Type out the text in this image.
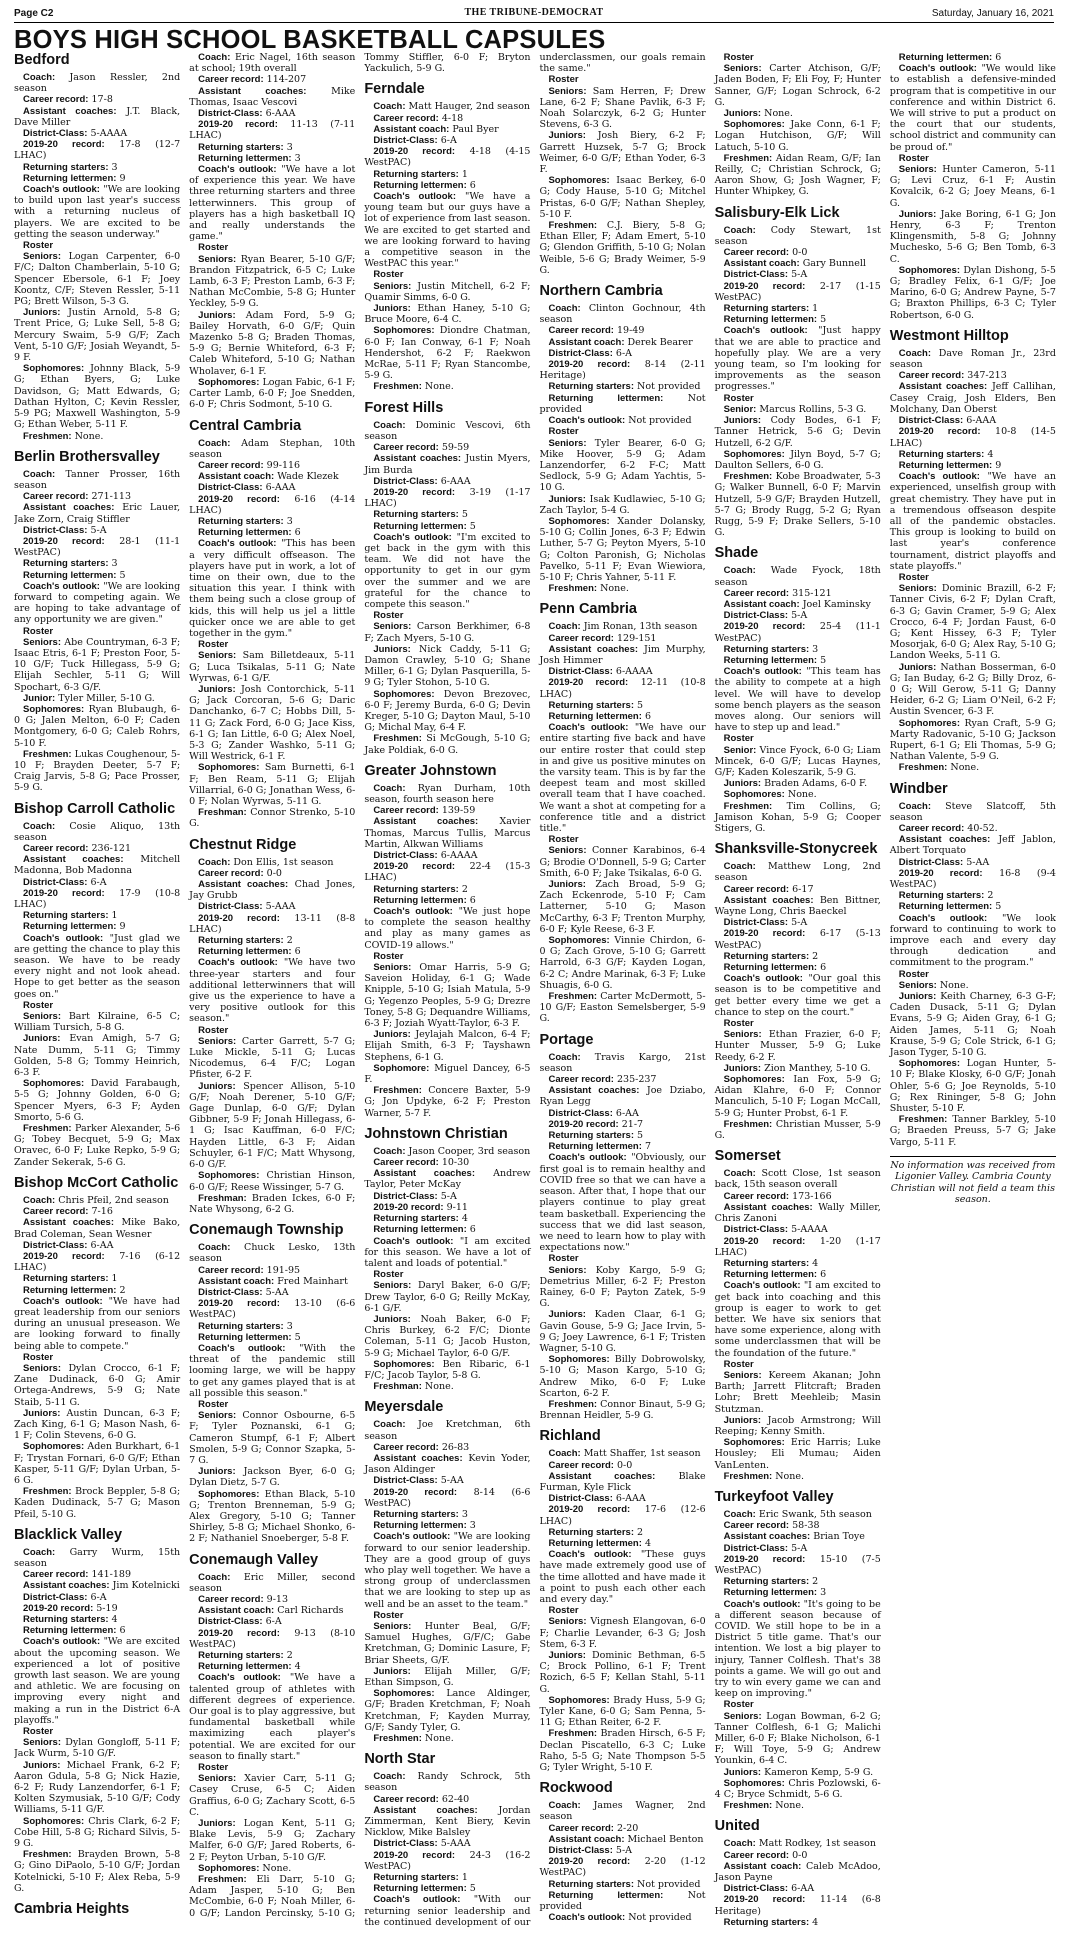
Page C2	THE TRIBUNE-DEMOCRAT	Saturday, January 16, 2021
BOYS HIGH SCHOOL BASKETBALL CAPSULES
Bedford

Coach: Jason Ressler, 2nd season

Career record: 17-8

Assistant coaches: J.T. Black, Dave Miller

District-Class: 5-AAAA

2019-20 record: 17-8 (12-7 LHAC)

Returning starters: 3

Returning lettermen: 9

Coach's outlook: "We are looking to build upon last year's success with a returning nucleus of players. We are excited to be getting the season underway."

Roster

Seniors: Logan Carpenter, 6-0 F/C; Dalton Chamberlain, 5-10 G; Spencer Ebersole, 6-1 F; Joey Koontz, C/F; Steven Ressler, 5-11 PG; Brett Wilson, 5-3 G.

Juniors: Justin Arnold, 5-8 G; Trent Price, G; Luke Sell, 5-8 G; Mercury Swaim, 5-9 G/F; Zach Vent, 5-10 G/F; Josiah Weyandt, 5-9 F.

Sophomores: Johnny Black, 5-9 G; Ethan Byers, G; Luke Davidson, G; Matt Edwards, G; Dathan Hylton, C; Kevin Ressler, 5-9 PG; Maxwell Washington, 5-9 G; Ethan Weber, 5-11 F.

Freshmen: None.

Berlin Brothersvalley

Coach: Tanner Prosser, 16th season

Career record: 271-113

Assistant coaches: Eric Lauer, Jake Zorn, Craig Stiffler

District-Class: 5-A

2019-20 record: 28-1 (11-1 WestPAC)

Returning starters: 3

Returning lettermen: 5

Coach's outlook: "We are looking forward to competing again. We are hoping to take advantage of any opportunity we are given."

Roster

Seniors: Abe Countryman, 6-3 F; Isaac Etris, 6-1 F; Preston Foor, 5-10 G/F; Tuck Hillegass, 5-9 G; Elijah Sechler, 5-11 G; Will Spochart, 6-3 G/F.

Junior: Tyler Miller, 5-10 G.

Sophomores: Ryan Blubaugh, 6-0 G; Jalen Melton, 6-0 F; Caden Montgomery, 6-0 G; Caleb Rohrs, 5-10 F.

Freshmen: Lukas Coughenour, 5-10 F; Brayden Deeter, 5-7 F; Craig Jarvis, 5-8 G; Pace Prosser, 5-9 G.

Bishop Carroll Catholic

Coach: Cosie Aliquo, 13th season

Career record: 236-121

Assistant coaches: Mitchell Madonna, Bob Madonna

District-Class: 6-A

2019-20 record: 17-9 (10-8 LHAC)

Returning starters: 1

Returning lettermen: 9

Coach's outlook: "Just glad we are getting the chance to play this season. We have to be ready every night and not look ahead. Hope to get better as the season goes on."

Roster

Seniors: Bart Kilraine, 6-5 C; William Tursich, 5-8 G.

Juniors: Evan Amigh, 5-7 G; Nate Dumm, 5-11 G; Timmy Golden, 5-8 G; Tommy Heinrich, 6-3 F.

Sophomores: David Farabaugh, 5-5 G; Johnny Golden, 6-0 G; Spencer Myers, 6-3 F; Ayden Smorto, 5-6 G.

Freshmen: Parker Alexander, 5-6 G; Tobey Becquet, 5-9 G; Max Oravec, 6-0 F; Luke Repko, 5-9 G; Zander Sekerak, 5-6 G.

Bishop McCort Catholic

Coach: Chris Pfeil, 2nd season

Career record: 7-16

Assistant coaches: Mike Bako, Brad Coleman, Sean Wesner

District-Class: 6-AA

2019-20 record: 7-16 (6-12 LHAC)

Returning starters: 1

Returning lettermen: 2

Coach's outlook: "We have had great leadership from our seniors during an unusual preseason. We are looking forward to finally being able to compete."

Roster

Seniors: Dylan Crocco, 6-1 F; Zane Dudinack, 6-0 G; Amir Ortega-Andrews, 5-9 G; Nate Staib, 5-11 G.

Juniors: Austin Duncan, 6-3 F; Zach King, 6-1 G; Mason Nash, 6-1 F; Colin Stevens, 6-0 G.

Sophomores: Aden Burkhart, 6-1 F; Trystan Fornari, 6-0 G/F; Ethan Kasper, 5-11 G/F; Dylan Urban, 5-6 G.

Freshmen: Brock Beppler, 5-8 G; Kaden Dudinack, 5-7 G; Mason Pfeil, 5-10 G.

Blacklick Valley

Coach: Garry Wurm, 15th season

Career record: 141-189

Assistant coaches: Jim Kotelnicki

District-Class: 6-A

2019-20 record: 5-19

Returning starters: 4

Returning lettermen: 6

Coach's outlook: "We are excited about the upcoming season. We experienced a lot of positive growth last season. We are young and athletic. We are focusing on improving every night and making a run in the District 6-A playoffs."

Roster

Seniors: Dylan Gongloff, 5-11 F; Jack Wurm, 5-10 G/F.

Juniors: Michael Frank, 6-2 F; Aaron Gdula, 5-8 G; Nick Hazie, 6-2 F; Rudy Lanzendorfer, 6-1 F; Kolten Szymusiak, 5-10 G/F; Cody Williams, 5-11 G/F.

Sophomores: Chris Clark, 6-2 F; Cobe Hill, 5-8 G; Richard Silvis, 5-9 G.

Freshmen: Brayden Brown, 5-8 G; Gino DiPaolo, 5-10 G/F; Jordan Kotelnicki, 5-10 F; Alex Reba, 5-9 G.

Cambria Heights

Coach: Eric Nagel, 16th season at school; 19th overall

Career record: 114-207

Assistant coaches:	Mike Thomas, Isaac Vescovi

District-Class: 6-AAA

2019-20 record: 11-13 (7-11 LHAC)

Returning starters: 3

Returning lettermen: 3

Coach's outlook: "We have a lot of experience this year. We have three returning starters and three letterwinners. This group of players has a high basketball IQ and really understands the game."

Roster

Seniors: Ryan Bearer, 5-10 G/F; Brandon Fitzpatrick, 6-5 C; Luke Lamb, 6-3 F; Preston Lamb, 6-3 F; Nathan McCombie, 5-8 G; Hunter Yeckley, 5-9 G.

Juniors: Adam Ford, 5-9 G; Bailey Horvath, 6-0 G/F; Quin Mazenko 5-8 G; Braden Thomas, 5-9 G; Bernie Whiteford, 6-3 F; Caleb Whiteford, 5-10 G; Nathan Wholaver, 6-1 F.

Sophomores: Logan Fabic, 6-1 F; Carter Lamb, 6-0 F; Joe Snedden, 6-0 F; Chris Sodmont, 5-10 G.

Central Cambria

Coach: Adam Stephan, 10th season

Career record: 99-116

Assistant coach: Wade Klezek

District-Class: 6-AAA

2019-20 record: 6-16 (4-14 LHAC)

Returning starters: 3

Returning lettermen: 6

Coach's outlook: "This has been a very difficult offseason. The players have put in work, a lot of time on their own, due to the situation this year. I think with them being such a close group of kids, this will help us jel a little quicker once we are able to get together in the gym."

Roster

Seniors: Sam Billetdeaux, 5-11 G; Luca Tsikalas, 5-11 G; Nate Wyrwas, 6-1 G/F.

Juniors: Josh Contorchick, 5-11 G; Jack Corcoran, 5-6 G; Daric Danchanko, 6-7 C; Hobbs Dill, 5-11 G; Zack Ford, 6-0 G; Jace Kiss, 6-1 G; Ian Little, 6-0 G; Alex Noel, 5-3 G; Zander Washko, 5-11 G; Will Westrick, 6-1 F.

Sophomores: Sam Burnetti, 6-1 F; Ben Ream, 5-11 G; Elijah Villarrial, 6-0 G; Jonathan Wess, 6-0 F; Nolan Wyrwas, 5-11 G.

Freshman: Connor Strenko, 5-10 G.

Chestnut Ridge

Coach: Don Ellis, 1st season

Career record: 0-0

Assistant coaches: Chad Jones, Jay Grubb

District-Class: 5-AAA

2019-20 record: 13-11 (8-8 LHAC)

Returning starters: 2

Returning lettermen: 6

Coach's outlook: "We have two three-year starters and four additional letterwinners that will give us the experience to have a very positive outlook for this season."

Roster

Seniors: Carter Garrett, 5-7 G; Luke Mickle, 5-11 G; Lucas Nicodemus, 6-4 F/C; Logan Pfister, 6-2 F.

Juniors: Spencer Allison, 5-10 G/F; Noah Derener, 5-10 G/F; Gage Dunlap, 6-0 G/F; Dylan Gibbner, 5-9 F; Jonah Hillegass, 6-1 G; Isac Kauffman, 6-0 F/C; Hayden Little, 6-3 F; Aidan Schuyler, 6-1 F/C; Matt Whysong, 6-0 G/F.

Sophomores: Christian Hinson, 6-0 G/F; Reese Wissinger, 5-7 G.

Freshman: Braden Ickes, 6-0 F; Nate Whysong, 6-2 G.

Conemaugh Township

Coach: Chuck Lesko, 13th season

Career record: 191-95

Assistant coach: Fred Mainhart

District-Class: 5-AA

2019-20 record: 13-10 (6-6 WestPAC)

Returning starters: 3

Returning lettermen: 5

Coach's outlook: "With the threat of the pandemic still looming large, we will be happy to get any games played that is at all possible this season."

Roster

Seniors: Connor Osbourne, 6-5 F; Tyler Poznanski, 6-1 G; Cameron Stumpf, 6-1 F; Albert Smolen, 5-9 G; Connor Szapka, 5-7 G.

Juniors: Jackson Byer, 6-0 G; Dylan Dietz, 5-7 G.

Sophomores: Ethan Black, 5-10 G; Trenton Brenneman, 5-9 G; Alex Gregory, 5-10 G; Tanner Shirley, 5-8 G; Michael Shonko, 6-2 F; Nathaniel Snoeberger, 5-8 F.

Conemaugh Valley

Coach: Eric Miller, second season

Career record: 9-13

Assistant coach: Carl Richards

District-Class: 6-A

2019-20 record: 9-13 (8-10 WestPAC)

Returning starters: 2

Returning lettermen: 4

Coach's outlook: "We have a talented group of athletes with different degrees of experience. Our goal is to play aggressive, but fundamental basketball while maximizing each player's potential. We are excited for our season to finally start."

Roster

Seniors: Xavier Carr, 5-11 G; Casey Cruse, 6-5 C; Aiden Graffius, 6-0 G; Zachary Scott, 6-5 C.

Juniors: Logan Kent, 5-11 G; Blake Levis, 5-9 G; Zachary Malfer, 6-0 G/F; Jared Roberts, 6-2 F; Peyton Urban, 5-10 G/F.

Sophomores: None.

Freshmen: Eli Darr, 5-10 G; Adam Jasper, 5-10 G; Ben McCombie, 6-0 F; Noah Miller, 6-0 G/F; Landon Percinsky, 5-10 G; Tommy Stiffler, 6-0 F; Bryton Yackulich, 5-9 G.

Ferndale

Coach: Matt Hauger, 2nd season

Career record: 4-18

Assistant coach: Paul Byer

District-Class: 6-A

2019-20 record: 4-18 (4-15 WestPAC)

Returning starters: 1

Returning lettermen: 6

Coach's outlook: "We have a young team but our guys have a lot of experience from last season. We are excited to get started and we are looking forward to having a competitive season in the WestPAC this year."

Roster

Seniors: Justin Mitchell, 6-2 F; Quamir Simms, 6-0 G.

Juniors: Ethan Haney, 5-10 G; Bruce Moore, 6-4 C.

Sophomores: Diondre Chatman, 6-0 F; Ian Conway, 6-1 F; Noah Hendershot, 6-2 F; Raekwon McRae, 5-11 F; Ryan Stancombe, 5-9 G.

Freshmen: None.

Forest Hills

Coach: Dominic Vescovi, 6th season

Career record: 59-59

Assistant coaches: Justin Myers, Jim Burda

District-Class: 6-AAA

2019-20 record: 3-19 (1-17 LHAC)

Returning starters: 5

Returning lettermen: 5

Coach's outlook: "I'm excited to get back in the gym with this team. We did not have the opportunity to get in our gym over the summer and we are grateful for the chance to compete this season."

Roster

Seniors: Carson Berkhimer, 6-8 F; Zach Myers, 5-10 G.

Juniors: Nick Caddy, 5-11 G; Damon Crawley, 5-10 G; Shane Miller, 6-1 G; Dylan Pasquerilla, 5-9 G; Tyler Stohon, 5-10 G.

Sophomores: Devon Brezovec, 6-0 F; Jeremy Burda, 6-0 G; Devin Kreger, 5-10 G; Dayton Maul, 5-10 G; Michal May, 6-4 F.

Freshmen: Si McGough, 5-10 G; Jake Poldiak, 6-0 G.

Greater Johnstown

Coach: Ryan Durham, 10th season, fourth season here

Career record: 139-59

Assistant coaches: Xavier Thomas, Marcus Tullis, Marcus Martin, Alkwan Williams

District-Class: 6-AAAA

2019-20 record: 22-4 (15-3 LHAC)

Returning starters: 2

Returning lettermen: 6

Coach's outlook: "We just hope to complete the season healthy and play as many games as COVID-19 allows."

Roster

Seniors: Omar Harris, 5-9 G; Saveion Holiday, 6-1 G; Wade Knipple, 5-10 G; Isiah Matula, 5-9 G; Yegenzo Peoples, 5-9 G; Drezre Toney, 5-8 G; Dequandre Williams, 6-3 F; Joziah Wyatt-Taylor, 6-3 F.

Juniors: Jeylajah Malcon, 6-4 F; Elijah Smith, 6-3 F; Tayshawn Stephens, 6-1 G.

Sophomore: Miguel Dancey, 6-5 F.

Freshmen: Concere Baxter, 5-9 G; Jon Updyke, 6-2 F; Preston Warner, 5-7 F.

Johnstown Christian

Coach: Jason Cooper, 3rd season

Career record: 10-30

Assistant coaches: Andrew Taylor, Peter McKay

District-Class: 5-A

2019-20 record: 9-11

Returning starters: 4

Returning lettermen: 6

Coach's outlook: "I am excited for this season. We have a lot of talent and loads of potential."

Roster

Seniors: Daryl Baker, 6-0 G/F; Drew Taylor, 6-0 G; Reilly McKay, 6-1 G/F.

Juniors: Noah Baker, 6-0 F; Chris Burkey, 6-2 F/C; Dionte Coleman, 5-11 G; Jacob Huston, 5-9 G; Michael Taylor, 6-0 G/F.

Sophomores: Ben Ribaric, 6-1 F/C; Jacob Taylor, 5-8 G.

Freshman: None.

Meyersdale

Coach: Joe Kretchman, 6th season

Career record: 26-83

Assistant coaches: Kevin Yoder, Jason Aldinger

District-Class: 5-AA

2019-20 record: 8-14 (6-6 WestPAC)

Returning starters: 3

Returning lettermen: 3

Coach's outlook: "We are looking forward to our senior leadership. They are a good group of guys who play well together. We have a strong group of underclassmen that we are looking to step up as well and be an asset to the team."

Roster

Seniors: Hunter Beal, G/F; Samuel Hughes, G/F/C; Gabe Kretchman, G; Dominic Lasure, F; Briar Sheets, G/F.

Juniors: Elijah Miller, G/F; Ethan Simpson, G.

Sophomores: Lance Aldinger, G/F; Braden Kretchman, F; Noah Kretchman, F; Kayden Murray, G/F; Sandy Tyler, G.

Freshmen: None.

North Star

Coach: Randy Schrock, 5th season

Career record: 62-40

Assistant coaches: Jordan Zimmerman, Kent Biery, Kevin Nicklow, Mike Balsley

District-Class: 5-AAA

2019-20 record: 24-3 (16-2 WestPAC)

Returning starters: 1

Returning lettermen: 5

Coach's outlook: "With our returning senior leadership and the continued development of our underclassmen, our goals remain the same."

Roster

Seniors: Sam Herren, F; Drew Lane, 6-2 F; Shane Pavlik, 6-3 F; Noah Solarczyk, 6-2 G; Hunter Stevens, 6-3 G.

Juniors: Josh Biery, 6-2 F; Garrett Huzsek, 5-7 G; Brock Weimer, 6-0 G/F; Ethan Yoder, 6-3 F.

Sophomores: Isaac Berkey, 6-0 G; Cody Hause, 5-10 G; Mitchel Pristas, 6-0 G/F; Nathan Shepley, 5-10 F.

Freshmen: C.J. Biery, 5-8 G; Ethan Eller, F; Adam Emert, 5-10 G; Glendon Griffith, 5-10 G; Nolan Weible, 5-6 G; Brady Weimer, 5-9 G.

Northern Cambria

Coach: Clinton Gochnour, 4th season

Career record: 19-49

Assistant coach: Derek Bearer

District-Class: 6-A

2019-20 record: 8-14 (2-11 Heritage)

Returning starters: Not provided

Returning lettermen:	Not provided

Coach's outlook: Not provided

Roster

Seniors: Tyler Bearer, 6-0 G; Mike Hoover, 5-9 G; Adam Lanzendorfer, 6-2 F-C; Matt Sedlock, 5-9 G; Adam Yachtis, 5-10 G.

Juniors: Isak Kudlawiec, 5-10 G; Zach Taylor, 5-4 G.

Sophomores: Xander Dolansky, 5-10 G; Collin Jones, 6-3 F; Edwin Luther, 5-7 G; Peyton Myers, 5-10 G; Colton Paronish, G; Nicholas Pavelko, 5-11 F; Evan Wiewiora, 5-10 F; Chris Yahner, 5-11 F.

Freshmen: None.

Penn Cambria

Coach: Jim Ronan, 13th season

Career record: 129-151

Assistant coaches: Jim Murphy, Josh Himmer

District-Class: 6-AAAA

2019-20 record: 12-11 (10-8 LHAC)

Returning starters: 5

Returning lettermen: 6

Coach's outlook: "We have our entire starting five back and have our entire roster that could step in and give us positive minutes on the varsity team. This is by far the deepest team and most skilled overall team that I have coached. We want a shot at competing for a conference title and a district title."

Roster

Seniors: Conner Karabinos, 6-4 G; Brodie O'Donnell, 5-9 G; Carter Smith, 6-0 F; Jake Tsikalas, 6-0 G.

Juniors: Zach Broad, 5-9 G; Zach Eckenrode, 5-10 F; Cam Latterner, 5-10 G; Mason McCarthy, 6-3 F; Trenton Murphy, 6-0 F; Kyle Reese, 6-3 F.

Sophomores: Vinnie Chirdon, 6-0 G; Zach Grove, 5-10 G; Garrett Harrold, 6-3 G/F; Kayden Logan, 6-2 C; Andre Marinak, 6-3 F; Luke Shuagis, 6-0 G.

Freshmen: Carter McDermott, 5-10 G/F; Easton Semelsberger, 5-9 G.

Portage

Coach: Travis Kargo, 21st season

Career record: 235-237

Assistant coaches: Joe Dziabo, Ryan Legg

District-Class: 6-AA

2019-20 record: 21-7

Returning starters: 5

Returning lettermen: 7

Coach's outlook: "Obviously, our first goal is to remain healthy and COVID free so that we can have a season. After that, I hope that our players continue to play great team basketball. Experiencing the success that we did last season, we need to learn how to play with expectations now."

Roster

Seniors: Koby Kargo, 5-9 G; Demetrius Miller, 6-2 F; Preston Rainey, 6-0 F; Payton Zatek, 5-9 G.

Juniors: Kaden Claar, 6-1 G; Gavin Gouse, 5-9 G; Jace Irvin, 5-9 G; Joey Lawrence, 6-1 F; Tristen Wagner, 5-10 G.

Sophomores: Billy Dobrowolsky, 5-10 G; Mason Kargo, 5-10 G; Andrew Miko, 6-0 F; Luke Scarton, 6-2 F.

Freshmen: Connor Binaut, 5-9 G; Brennan Heidler, 5-9 G.

Richland

Coach: Matt Shaffer, 1st season

Career record: 0-0

Assistant coaches: Blake Furman, Kyle Flick

District-Class: 6-AAA

2019-20 record: 17-6 (12-6 LHAC)

Returning starters: 2

Returning lettermen: 4

Coach's outlook: "These guys have made extremely good use of the time allotted and have made it a point to push each other each and every day."

Roster

Seniors: Vignesh Elangovan, 6-0 F; Charlie Levander, 6-3 G; Josh Stem, 6-3 F.

Juniors: Dominic Bethman, 6-5 C; Brock Pollino, 6-1 F; Trent Rozich, 6-5 F; Kellan Stahl, 5-11 G.

Sophomores: Brady Huss, 5-9 G; Tyler Kane, 6-0 G; Sam Penna, 5-11 G; Ethan Reiter, 6-2 F.

Freshmen: Braden Hirsch, 6-5 F; Declan Piscatello, 6-3 C; Luke Raho, 5-5 G; Nate Thompson 5-5 G; Tyler Wright, 5-10 F.

Rockwood

Coach: James Wagner, 2nd season

Career record: 2-20

Assistant coach: Michael Benton

District-Class: 5-A

2019-20 record: 2-20 (1-12 WestPAC)

Returning starters: Not provided

Returning lettermen:	Not provided

Coach's outlook: Not provided

Roster

Seniors: Carter Atchison, G/F; Jaden Boden, F; Eli Foy, F; Hunter Sanner, G/F; Logan Schrock, 6-2 G.

Juniors: None.

Sophomores: Jake Conn, 6-1 F; Logan Hutchison, G/F; Will Latuch, 5-10 G.

Freshmen: Aidan Ream, G/F; Ian Reilly, C; Christian Schrock, G; Aaron Show, G; Josh Wagner, F; Hunter Whipkey, G.

Salisbury-Elk Lick

Coach: Cody Stewart, 1st season

Career record: 0-0

Assistant coach: Gary Bunnell

District-Class: 5-A

2019-20 record: 2-17 (1-15 WestPAC)

Returning starters: 1

Returning lettermen: 5

Coach's outlook: "Just happy that we are able to practice and hopefully play. We are a very young team, so I'm looking for improvements as the season progresses."

Roster

Senior: Marcus Rollins, 5-3 G.

Juniors: Cody Bodes, 6-1 F; Tanner Hetrick, 5-6 G; Devin Hutzell, 6-2 G/F.

Sophomores: Jilyn Boyd, 5-7 G; Daulton Sellers, 6-0 G.

Freshmen: Kobe Broadwater, 5-3 G; Walker Bunnell, 6-0 F; Marvin Hutzell, 5-9 G/F; Brayden Hutzell, 5-7 G; Brody Rugg, 5-2 G; Ryan Rugg, 5-9 F; Drake Sellers, 5-10 G.

Shade

Coach: Wade Fyock, 18th season

Career record: 315-121

Assistant coach: Joel Kaminsky

District-Class: 5-A

2019-20 record: 25-4 (11-1 WestPAC)

Returning starters: 3

Returning lettermen: 5

Coach's outlook: "This team has the ability to compete at a high level. We will have to develop some bench players as the season moves along. Our seniors will have to step up and lead."

Roster

Senior: Vince Fyock, 6-0 G; Liam Mincek, 6-0 G/F; Lucas Haynes, G/F; Kaden Koleszarik, 5-9 G.

Juniors: Braden Adams, 6-0 F.

Sophomores: None.

Freshmen: Tim Collins, G; Jamison Kohan, 5-9 G; Cooper Stigers, G.

Shanksville-Stonycreek

Coach: Matthew Long, 2nd season

Career record: 6-17

Assistant coaches: Ben Bittner, Wayne Long, Chris Baeckel

District-Class: 5-A

2019-20 record: 6-17 (5-13 WestPAC)

Returning starters: 2

Returning lettermen: 6

Coach's outlook: "Our goal this season is to be competitive and get better every time we get a chance to step on the court."

Roster

Seniors: Ethan Frazier, 6-0 F; Hunter Musser, 5-9 G; Luke Reedy, 6-2 F.

Juniors: Zion Manthey, 5-10 G.

Sophomores: Ian Fox, 5-9 G; Aidan Klahre, 6-0 F; Connor Manculich, 5-10 F; Logan McCall, 5-9 G; Hunter Probst, 6-1 F.

Freshmen: Christian Musser, 5-9 G.

Somerset

Coach: Scott Close, 1st season back, 15th season overall

Career record: 173-166

Assistant coaches: Wally Miller, Chris Zanoni

District-Class: 5-AAAA

2019-20 record: 1-20 (1-17 LHAC)

Returning starters: 4

Returning lettermen: 6

Coach's outlook: "I am excited to get back into coaching and this group is eager to work to get better. We have six seniors that have some experience, along with some underclassmen that will be the foundation of the future."

Roster

Seniors: Kereem Akanan; John Barth; Jarrett Flitcraft; Braden Lohr; Brett Meehleib; Masin Stutzman.

Juniors: Jacob Armstrong; Will Reeping; Kenny Smith.

Sophomores: Eric Harris; Luke Housley; Eli Mumau; Aiden VanLenten.

Freshmen: None.

Turkeyfoot Valley

Coach: Eric Swank, 5th season

Career record: 58-38

Assistant coaches: Brian Toye

District-Class: 5-A

2019-20 record: 15-10 (7-5 WestPAC)

Returning starters: 2

Returning lettermen: 3

Coach's outlook: "It's going to be a different season because of COVID. We still hope to be in a District 5 title game. That's our intention. We lost a big player to injury, Tanner Colflesh. That's 38 points a game. We will go out and try to win every game we can and keep on improving."

Roster

Seniors: Logan Bowman, 6-2 G; Tanner Colflesh, 6-1 G; Malichi Miller, 6-0 F; Blake Nicholson, 6-1 F; Will Toye, 5-9 G; Andrew Younkin, 6-4 C.

Juniors: Kameron Kemp, 5-9 G.

Sophomores: Chris Pozlowski, 6-4 C; Bryce Schmidt, 5-6 G.

Freshmen: None.

United

Coach: Matt Rodkey, 1st season

Career record: 0-0

Assistant coach: Caleb McAdoo, Jason Payne

District-Class: 6-AA

2019-20 record: 11-14 (6-8 Heritage)

Returning starters: 4

Returning lettermen: 6

Coach's outlook: "We would like to establish a defensive-minded program that is competitive in our conference and within District 6. We will strive to put a product on the court that our students, school district and community can be proud of."

Roster

Seniors: Hunter Cameron, 5-11 G; Levi Cruz, 6-1 F; Austin Kovalcik, 6-2 G; Joey Means, 6-1 G.

Juniors: Jake Boring, 6-1 G; Jon Henry, 6-3 F; Trenton Klingensmith, 5-8 G; Johnny Muchesko, 5-6 G; Ben Tomb, 6-3 C.

Sophomores: Dylan Dishong, 5-5 G; Bradley Felix, 6-1 G/F; Joe Marino, 6-0 G; Andrew Payne, 5-7 G; Braxton Phillips, 6-3 C; Tyler Robertson, 6-0 G.

Westmont Hilltop

Coach: Dave Roman Jr., 23rd season

Career record: 347-213

Assistant coaches: Jeff Callihan, Casey Craig, Josh Elders, Ben Molchany, Dan Oberst

District-Class: 6-AAA

2019-20 record: 10-8 (14-5 LHAC)

Returning starters: 4

Returning lettermen: 9

Coach's outlook: "We have an experienced, unselfish group with great chemistry. They have put in a tremendous offseason despite all of the pandemic obstacles. This group is looking to build on last year's conference tournament, district playoffs and state playoffs."

Roster

Seniors: Dominic Brazill, 6-2 F; Tanner Civis, 6-2 F; Dylan Craft, 6-3 G; Gavin Cramer, 5-9 G; Alex Crocco, 6-4 F; Jordan Faust, 6-0 G; Kent Hissey, 6-3 F; Tyler Mosorjak, 6-0 G; Alex Ray, 5-10 G; Landon Weeks, 5-11 G.

Juniors: Nathan Bosserman, 6-0 G; Ian Buday, 6-2 G; Billy Droz, 6-0 G; Will Gerow, 5-11 G; Danny Heider, 6-2 G; Liam O'Neil, 6-2 F; Austin Svencer, 6-3 F.

Sophomores: Ryan Craft, 5-9 G; Marty Radovanic, 5-10 G; Jackson Rupert, 6-1 G; Eli Thomas, 5-9 G; Nathan Valente, 5-9 G.

Freshmen: None.

Windber

Coach: Steve Slatcoff, 5th season

Career record: 40-52.

Assistant coaches: Jeff Jablon, Albert Torquato

District-Class: 5-AA

2019-20 record: 16-8 (9-4 WestPAC)

Returning starters: 2

Returning lettermen: 5

Coach's outlook: "We look forward to continuing to work to improve each and every day through dedication and commitment to the program."

Roster

Seniors: None.

Juniors: Keith Charney, 6-3 G-F; Caden Dusack, 5-11 G; Dylan Evans, 5-9 G; Aiden Gray, 6-1 G; Aiden James, 5-11 G; Noah Krause, 5-9 G; Cole Strick, 6-1 G; Jason Tyger, 5-10 G.

Sophomores: Logan Hunter, 5-10 F; Blake Klosky, 6-0 G/F; Jonah Ohler, 5-6 G; Joe Reynolds, 5-10 G; Rex Rininger, 5-8 G; John Shuster, 5-10 F.

Freshmen: Tanner Barkley, 5-10 G; Braeden Preuss, 5-7 G; Jake Vargo, 5-11 F.

No information was received from Ligonier Valley. Cambria County Christian will not field a team this season.
